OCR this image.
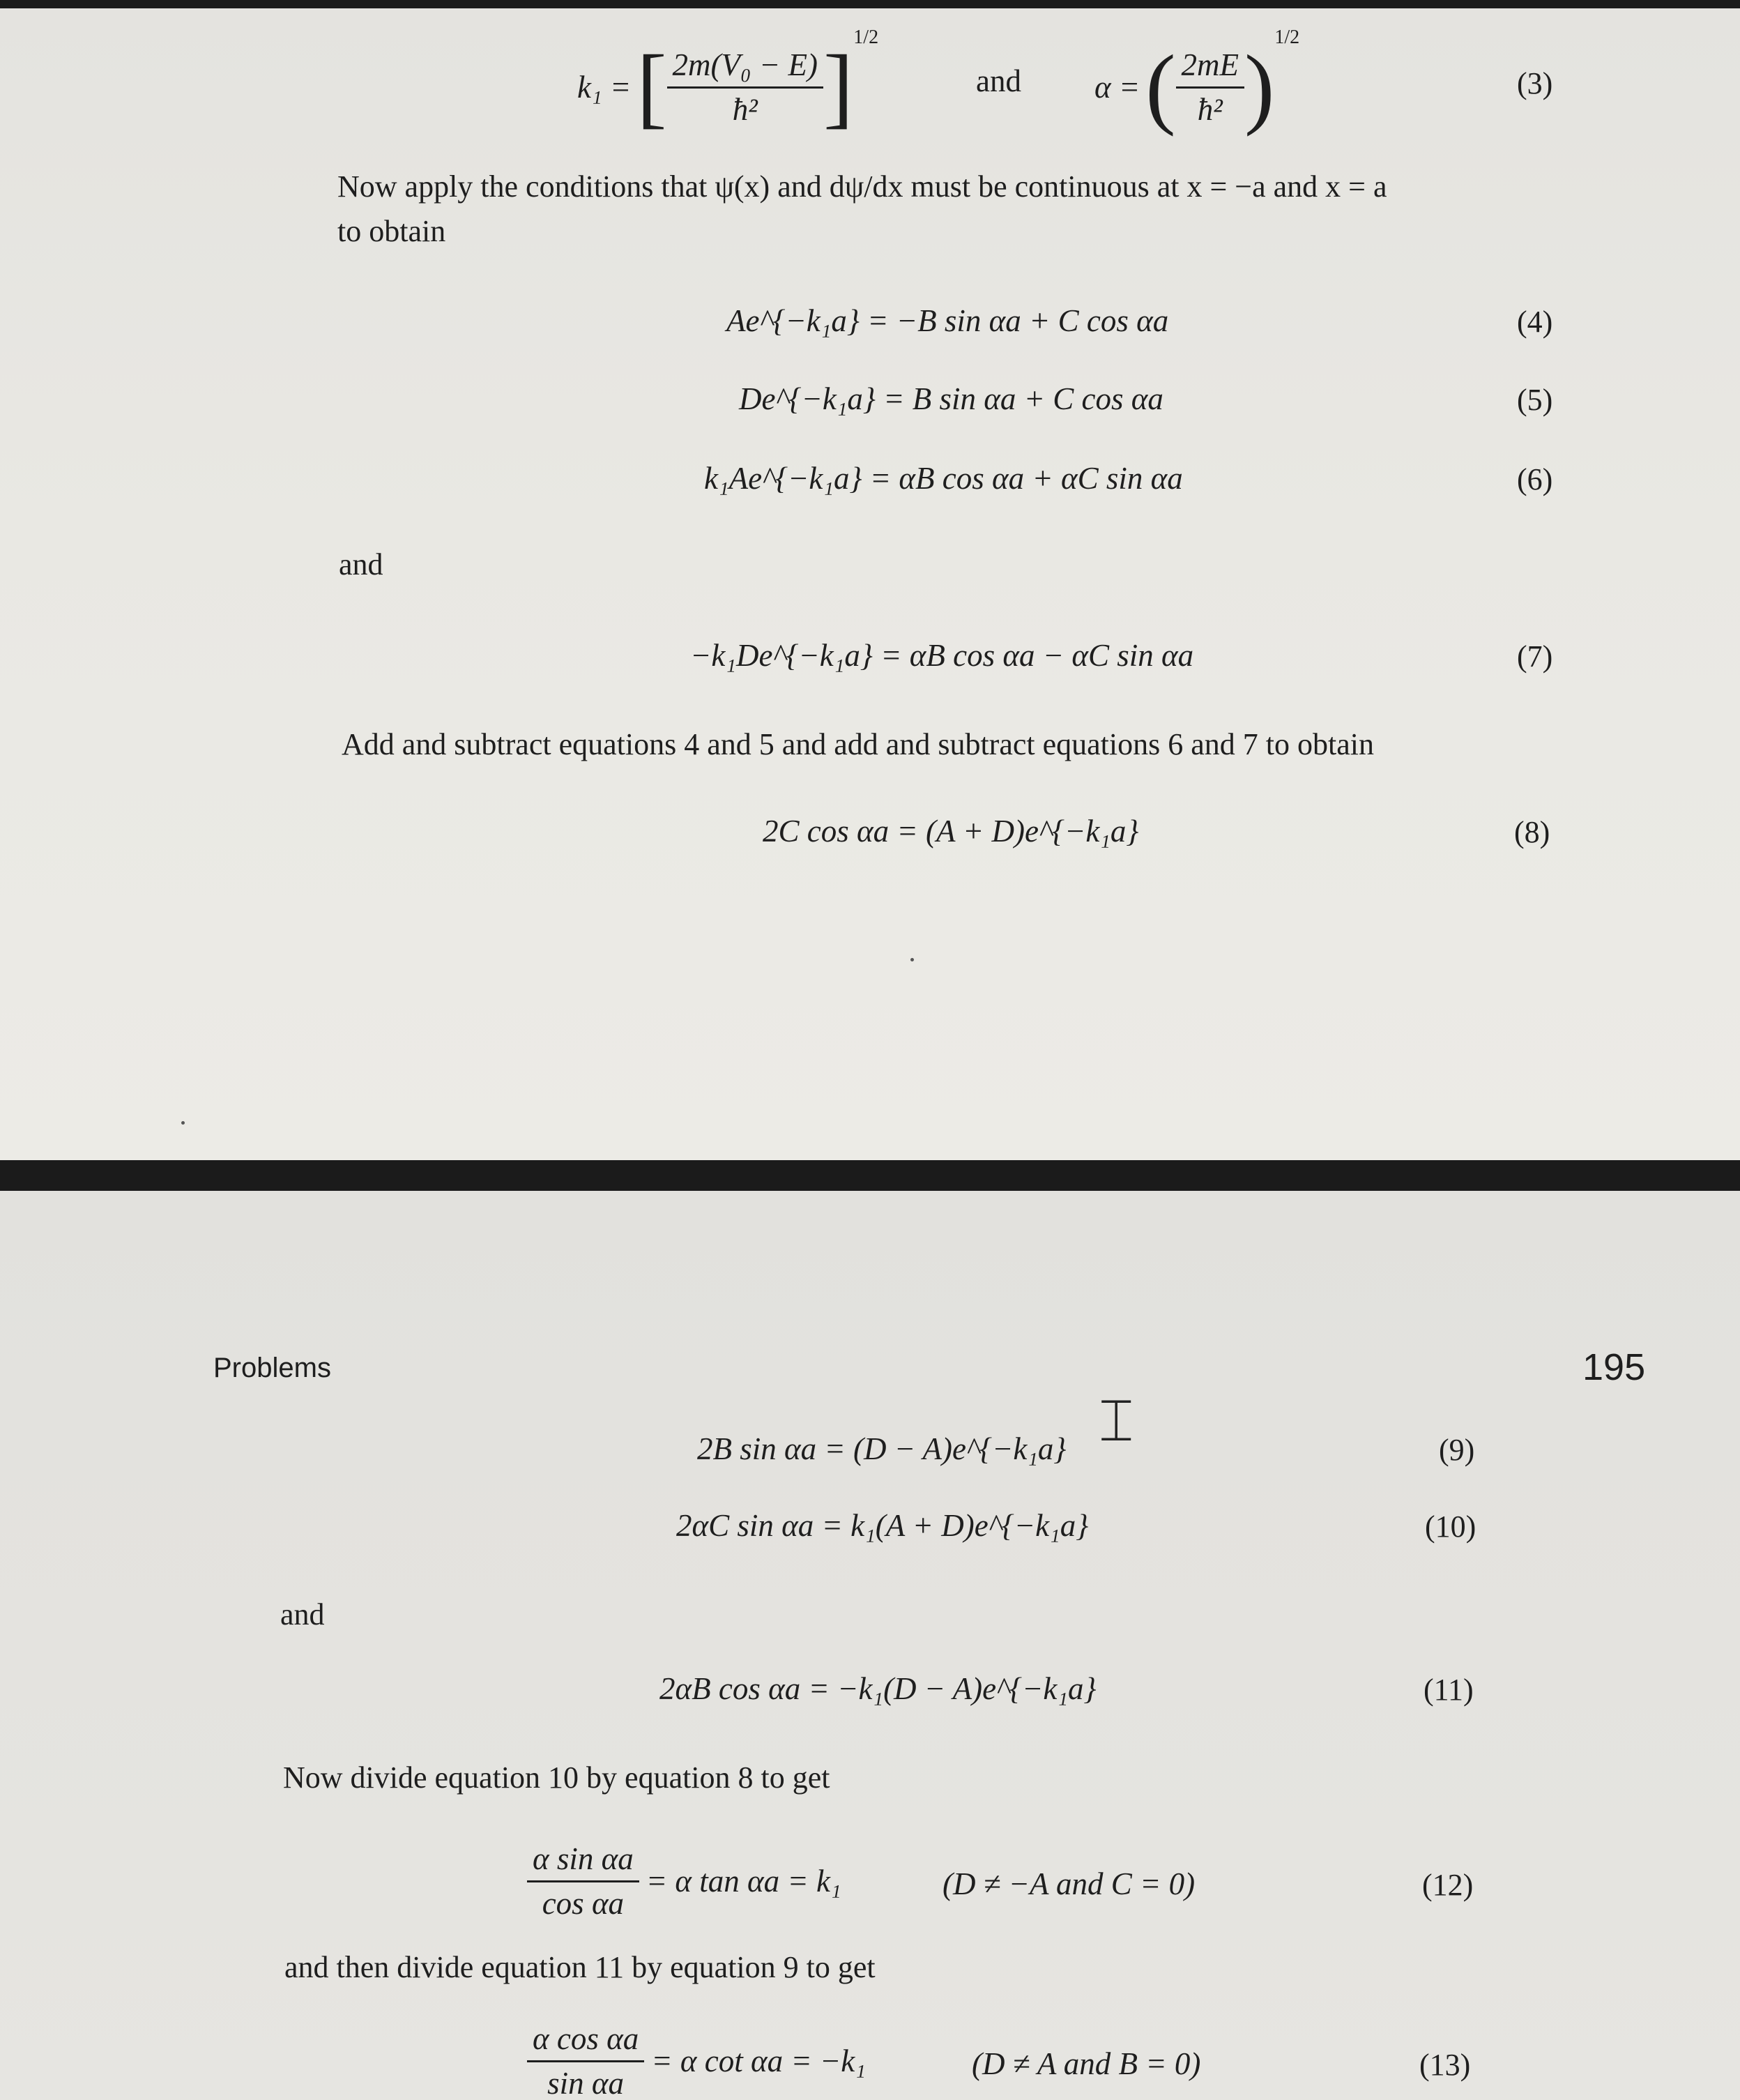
k₁ = [ $\frac{\text{2m(V₀ − E)}}{\text{ħ²}} ]^{1/2}$
and α = ( $\frac{2mE}{\text{ħ²}} )^{1/2}$
(3)
Now apply the conditions that ψ(x) and dψ/dx must be continuous at x = −a and x = a
to obtain
Ae^{−k₁a} = −B sin αa + C cos αa	(4)
De^{−k₁a} = B sin αa + C cos αa	(5)
k₁Ae^{−k₁a} = αB cos αa + αC sin αa	(6)
and
−k₁De^{−k₁a} = αB cos αa − αC sin αa	(7)
Add and subtract equations 4 and 5 and add and subtract equations 6 and 7 to obtain
2C cos αa = (A + D)e^{−k₁a}	(8)
Problems	195
2B sin αa = (D − A)e^{−k₁a}	(9)
⌶
2αC sin αa = k₁(A + D)e^{−k₁a}	(10)
and
2αB cos αa = −k₁(D − A)e^{−k₁a}	(11)
Now divide equation 10 by equation 8 to get
$\frac{\text{α sin αa}}{\text{cos αa}} = \alpha$ tan αa = k₁	(D ≠ −A and C = 0)	(12)
and then divide equation 11 by equation 9 to get
$\frac{\text{α cos αa}}{\text{sin αa}} = \alpha$ cot αa = −k₁	(D ≠ A and B = 0)	(13)
